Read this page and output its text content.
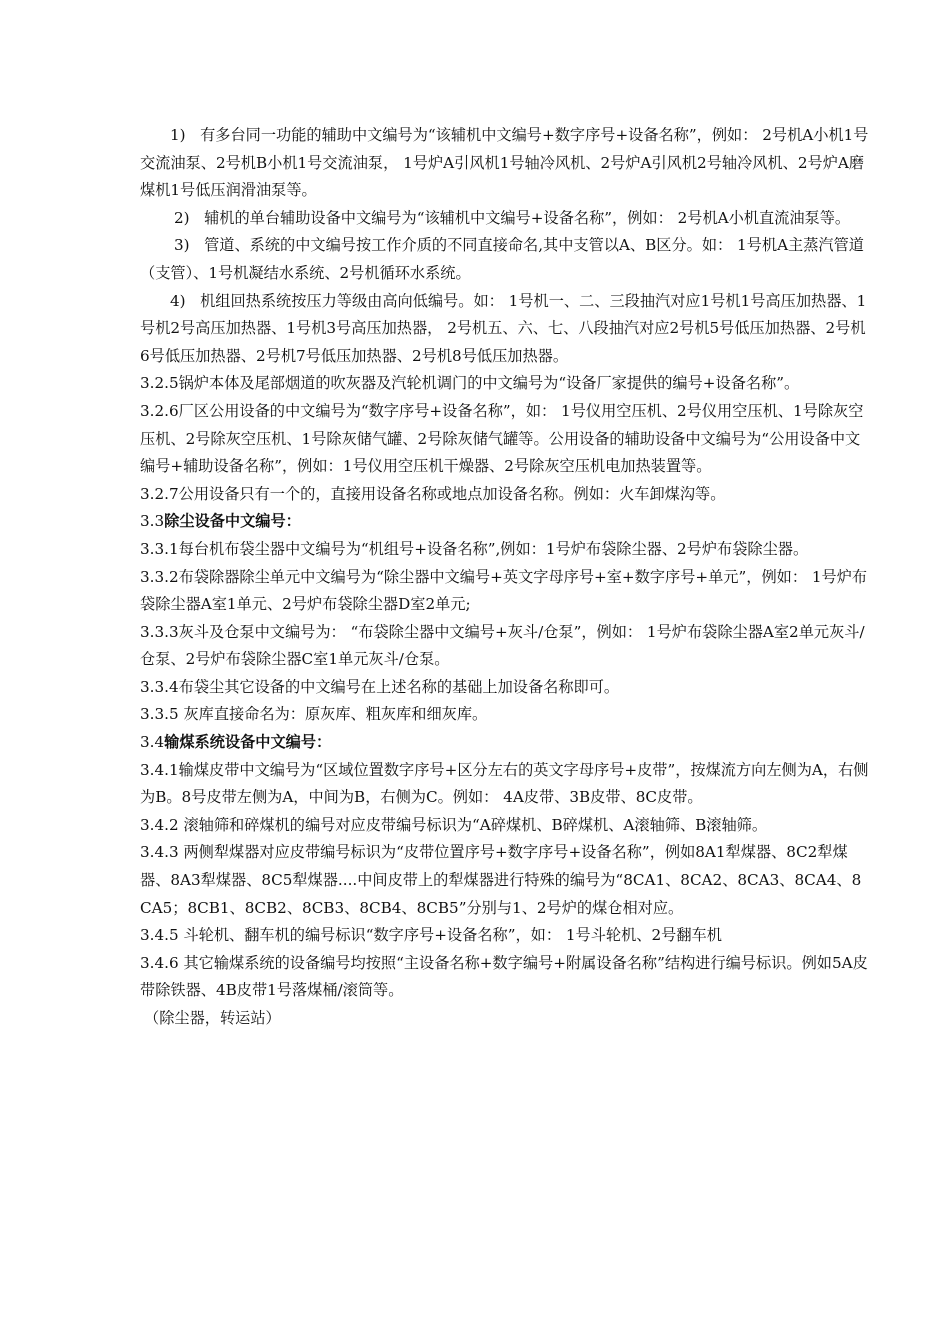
1) 有多台同一功能的辅助中文编号为“该辅机中文编号+数字序号+设备名称”，例如： 2号机A小机1号交流油泵、2号机B小机1号交流油泵， 1号炉A引风机1号轴冷风机、2号炉A引风机2号轴冷风机、2号炉A磨煤机1号低压润滑油泵等。

2) 辅机的单台辅助设备中文编号为“该辅机中文编号+设备名称”，例如： 2号机A小机直流油泵等。

3) 管道、系统的中文编号按工作介质的不同直接命名,其中支管以A、B区分。如： 1号机A主蒸汽管道（支管）、1号机凝结水系统、2号机循环水系统。

4) 机组回热系统按压力等级由高向低编号。如： 1号机一、二、三段抽汽对应1号机1号高压加热器、1号机2号高压加热器、1号机3号高压加热器， 2号机五、六、七、八段抽汽对应2号机5号低压加热器、2号机6号低压加热器、2号机7号低压加热器、2号机8号低压加热器。

3.2.5锅炉本体及尾部烟道的吹灰器及汽轮机调门的中文编号为“设备厂家提供的编号+设备名称”。

3.2.6厂区公用设备的中文编号为“数字序号+设备名称”，如： 1号仪用空压机、2号仪用空压机、1号除灰空压机、2号除灰空压机、1号除灰储气罐、2号除灰储气罐等。公用设备的辅助设备中文编号为“公用设备中文编号+辅助设备名称”，例如：1号仪用空压机干燥器、2号除灰空压机电加热装置等。

3.2.7公用设备只有一个的，直接用设备名称或地点加设备名称。例如：火车卸煤沟等。

3.3除尘设备中文编号：

3.3.1每台机布袋尘器中文编号为“机组号+设备名称”,例如：1号炉布袋除尘器、2号炉布袋除尘器。

3.3.2布袋除器除尘单元中文编号为“除尘器中文编号+英文字母序号+室+数字序号+单元”，例如： 1号炉布袋除尘器A室1单元、2号炉布袋除尘器D室2单元;

3.3.3灰斗及仓泵中文编号为： “布袋除尘器中文编号+灰斗/仓泵”，例如： 1号炉布袋除尘器A室2单元灰斗/仓泵、2号炉布袋除尘器C室1单元灰斗/仓泵。

3.3.4布袋尘其它设备的中文编号在上述名称的基础上加设备名称即可。

3.3.5 灰库直接命名为：原灰库、粗灰库和细灰库。

3.4输煤系统设备中文编号：

3.4.1输煤皮带中文编号为“区域位置数字序号+区分左右的英文字母序号+皮带”，按煤流方向左侧为A，右侧为B。8号皮带左侧为A，中间为B，右侧为C。例如： 4A皮带、3B皮带、8C皮带。

3.4.2 滚轴筛和碎煤机的编号对应皮带编号标识为“A碎煤机、B碎煤机、A滚轴筛、B滚轴筛。

3.4.3 两侧犁煤器对应皮带编号标识为“皮带位置序号+数字序号+设备名称”，例如8A1犁煤器、8C2犁煤器、8A3犁煤器、8C5犁煤器....中间皮带上的犁煤器进行特殊的编号为“8CA1、8CA2、8CA3、8CA4、8CA5；8CB1、8CB2、8CB3、8CB4、8CB5”分别与1、2号炉的煤仓相对应。

3.4.5 斗轮机、翻车机的编号标识“数字序号+设备名称”，如： 1号斗轮机、2号翻车机

3.4.6 其它输煤系统的设备编号均按照“主设备名称+数字编号+附属设备名称”结构进行编号标识。例如5A皮带除铁器、4B皮带1号落煤桶/滚筒等。

（除尘器，转运站）
